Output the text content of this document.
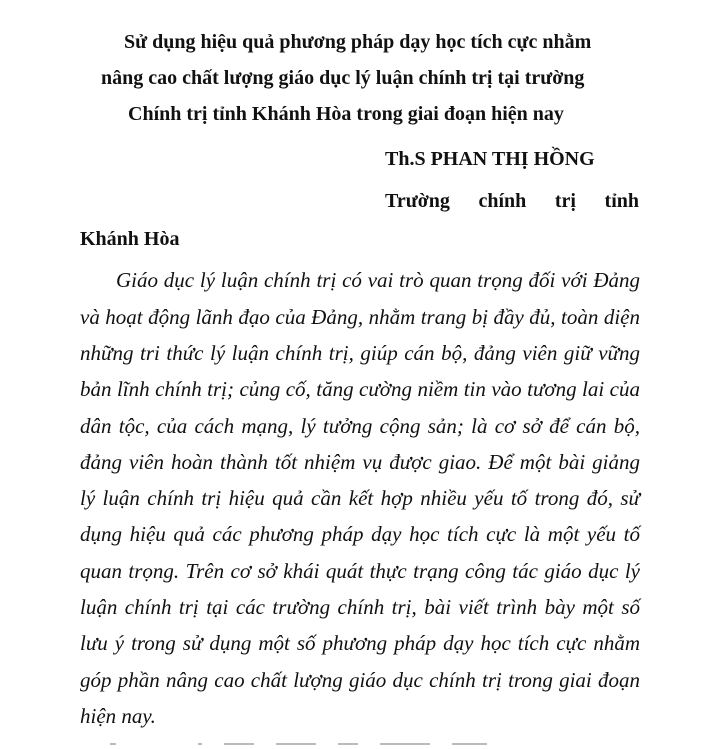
Sử dụng hiệu quả phương pháp dạy học tích cực nhằm
nâng cao chất lượng giáo dục lý luận chính trị tại trường
Chính trị tỉnh Khánh Hòa trong giai đoạn hiện nay
Th.S PHAN THỊ HỒNG
Trường chính trị tỉnh
Khánh Hòa
Giáo dục lý luận chính trị có vai trò quan trọng đối với Đảng
và hoạt động lãnh đạo của Đảng, nhằm trang bị đầy đủ, toàn diện
những tri thức lý luận chính trị, giúp cán bộ, đảng viên giữ vững
bản lĩnh chính trị; củng cố, tăng cường niềm tin vào tương lai của
dân tộc, của cách mạng, lý tưởng cộng sản; là cơ sở để cán bộ,
đảng viên hoàn thành tốt nhiệm vụ được giao. Để một bài giảng
lý luận chính trị hiệu quả cần kết hợp nhiều yếu tố trong đó, sử
dụng hiệu quả các phương pháp dạy học tích cực là một yếu tố
quan trọng. Trên cơ sở khái quát thực trạng công tác giáo dục lý
luận chính trị tại các trường chính trị, bài viết trình bày một số
lưu ý trong sử dụng một số phương pháp dạy học tích cực nhằm
góp phần nâng cao chất lượng giáo dục chính trị trong giai đoạn
hiện nay.
